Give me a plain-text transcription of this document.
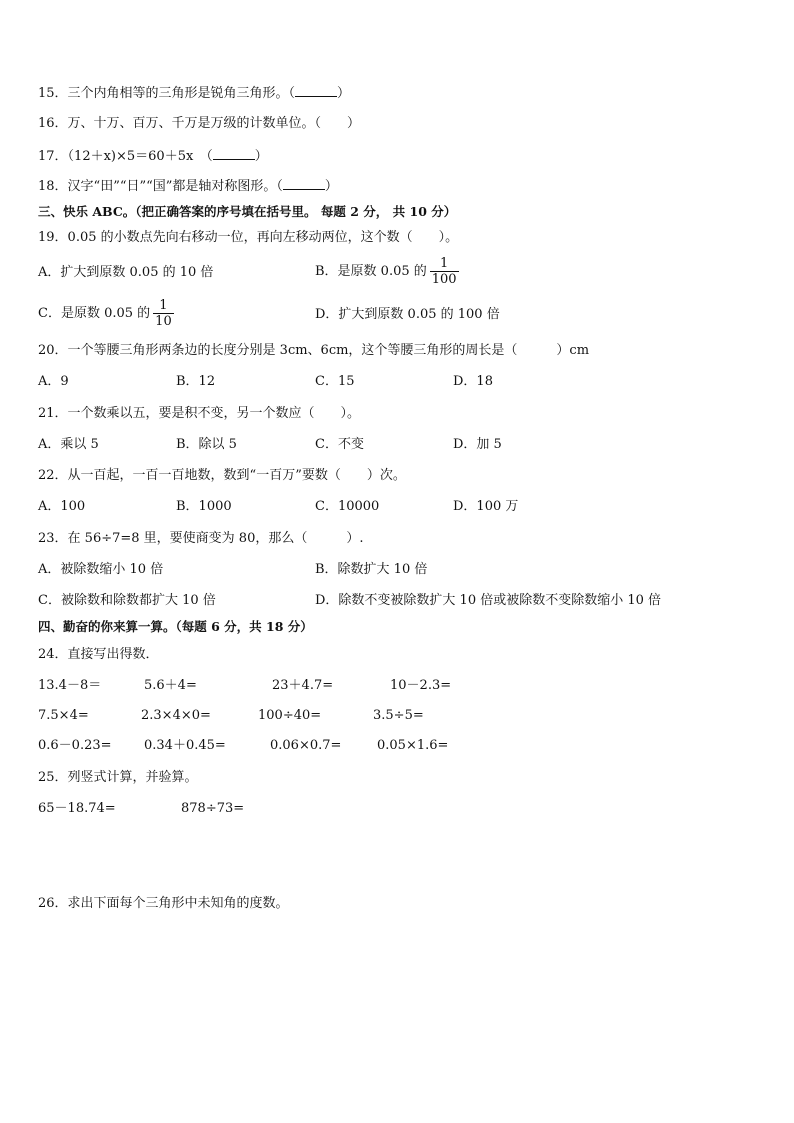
15．三个内角相等的三角形是锐角三角形。（	）
16．万、十万、百万、千万是万级的计数单位。（　　）
17．（12＋x)×5＝60＋5x　（	）
18．汉字“田”“日”“国”都是轴对称图形。（	）
三、快乐 ABC。（把正确答案的序号填在括号里。 每题 2 分， 共 10 分）
19．0.05 的小数点先向右移动一位，再向左移动两位，这个数（　　）。
A．扩大到原数 0.05 的 10 倍	B．是原数 0.05 的 $\frac{1}{100}$
C．是原数 0.05 的 $\frac{1}{10}$	D．扩大到原数 0.05 的 100 倍
20．一个等腰三角形两条边的长度分别是 3cm、6cm，这个等腰三角形的周长是（　　　）cm
A．9	B．12	C．15	D．18
21．一个数乘以五，要是积不变，另一个数应（　　）。
A．乘以 5	B．除以 5	C．不变	D．加 5
22．从一百起，一百一百地数，数到“一百万”要数（　　）次。
A．100	B．1000	C．10000	D．100 万
23．在 56÷7=8 里，要使商变为 80，那么（　　　）.
A．被除数缩小 10 倍	B．除数扩大 10 倍
C．被除数和除数都扩大 10 倍	D．除数不变被除数扩大 10 倍或被除数不变除数缩小 10 倍
四、勤奋的你来算一算。（每题 6 分，共 18 分）
24．直接写出得数．
13.4－8＝	5.6＋4=	23＋4.7=	10－2.3=
7.5×4=	2.3×4×0=	100÷40=	3.5÷5=
0.6－0.23= 0.34＋0.45=	0.06×0.7=	0.05×1.6=
25．列竖式计算，并验算。
65－18.74=	878÷73=
26．求出下面每个三角形中未知角的度数。
